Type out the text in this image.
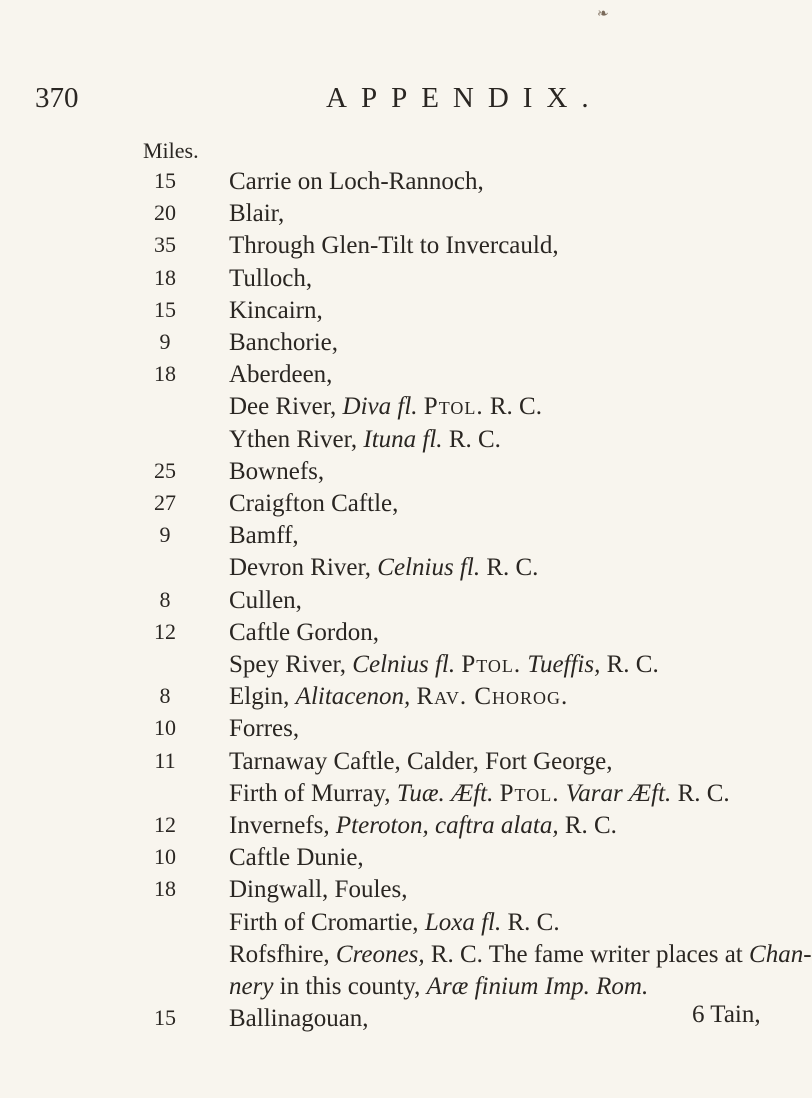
370	APPENDIX.
❧
Miles.
15	Carrie on Loch-Rannoch,
20	Blair,
35	Through Glen-Tilt to Invercauld,
18	Tulloch,
15	Kincairn,
9	Banchorie,
18	Aberdeen,
Dee River, Diva fl. Ptol. R. C.
Ythen River, Ituna fl. R. C.
25	Bownefs,
27	Craigfton Caftle,
9	Bamff,
Devron River, Celnius fl. R. C.
8	Cullen,
12	Caftle Gordon,
Spey River, Celnius fl. Ptol. Tueffis, R. C.
8	Elgin, Alitacenon, Rav. Chorog.
10	Forres,
11	Tarnaway Caftle, Calder, Fort George,
Firth of Murray, Tuæ. Æft. Ptol. Varar Æft. R. C.
12	Invernefs, Pteroton, caftra alata, R. C.
10	Caftle Dunie,
18	Dingwall, Foules,
Firth of Cromartie, Loxa fl. R. C.
Rofsfhire, Creones, R. C. The fame writer places at Chan-
nery in this county, Aræ finium Imp. Rom.
15	Ballinagouan,	6 Tain,
